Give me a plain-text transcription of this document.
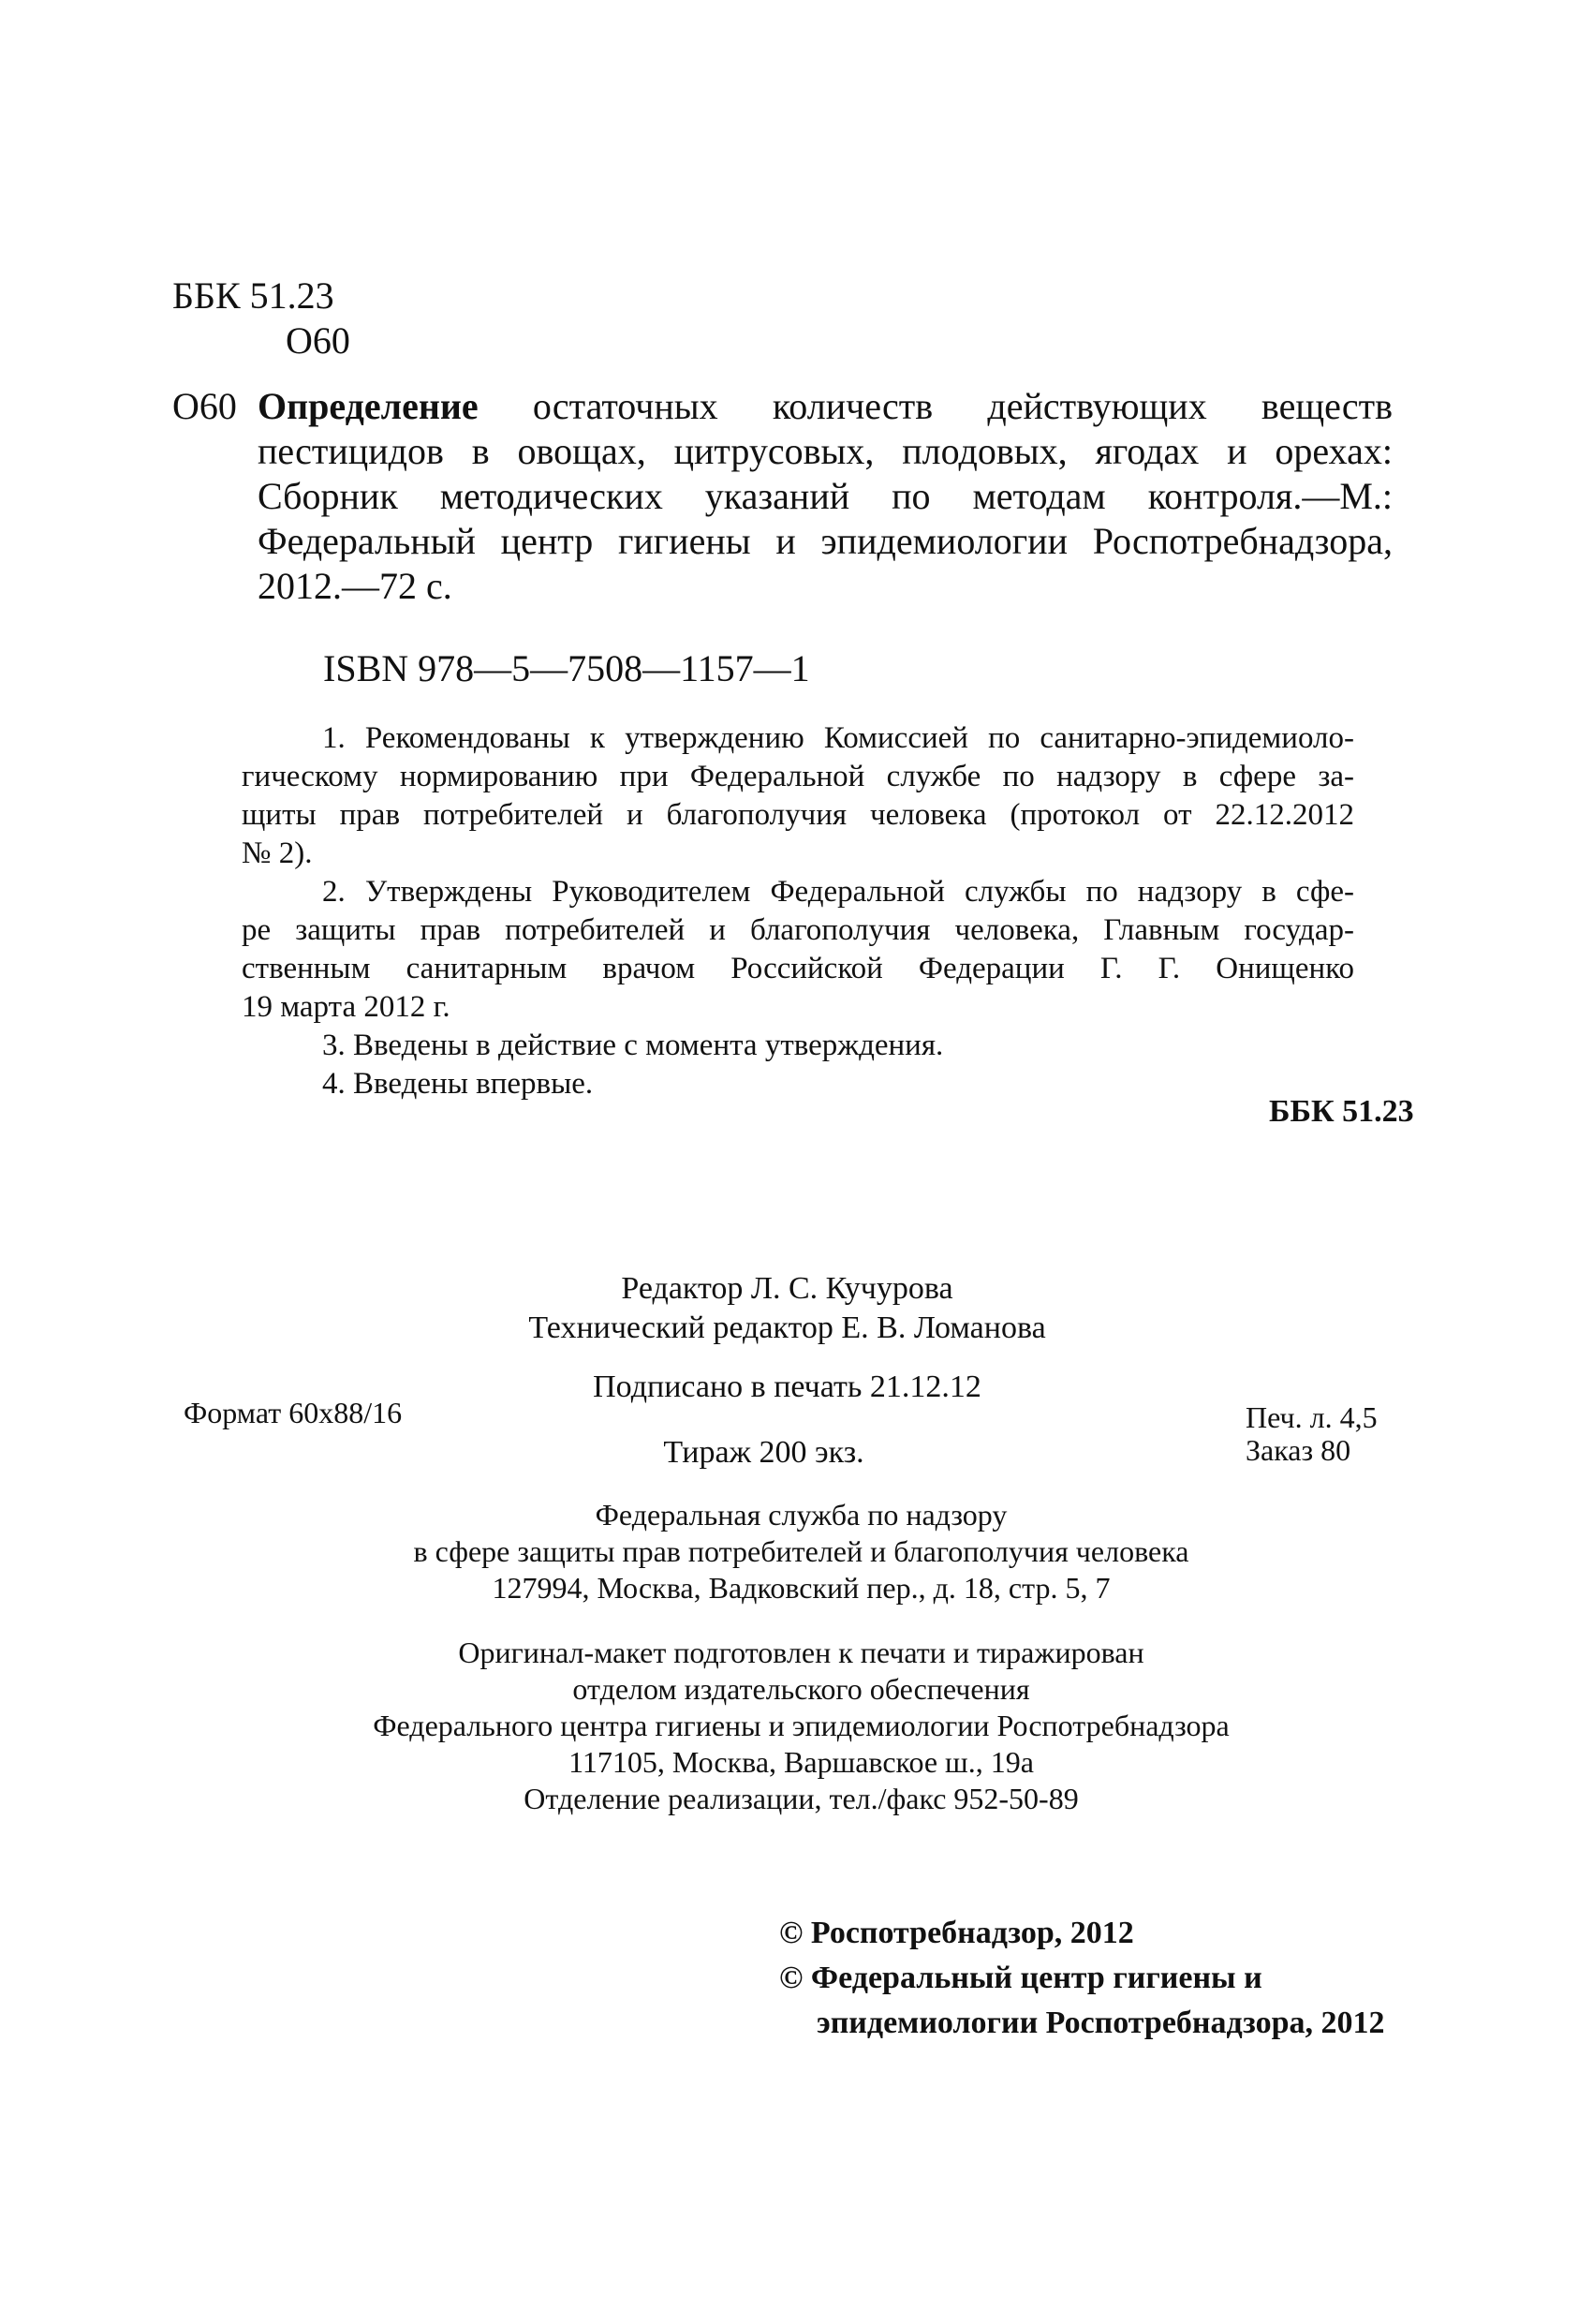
ББК 51.23
О60
О60 Определение остаточных количеств действующих веществ
пестицидов в овощах, цитрусовых, плодовых, ягодах и орехах:
Сборник методических указаний по методам контроля.—М.:
Федеральный центр гигиены и эпидемиологии Роспотребнадзора,
2012.—72 с.
ISBN 978—5—7508—1157—1
1. Рекомендованы к утверждению Комиссией по санитарно-эпидемиоло-
гическому нормированию при Федеральной службе по надзору в сфере за-
щиты прав потребителей и благополучия человека (протокол от 22.12.2012
№ 2).
2. Утверждены Руководителем Федеральной службы по надзору в сфе-
ре защиты прав потребителей и благополучия человека, Главным государ-
ственным санитарным врачом Российской Федерации Г. Г. Онищенко
19 марта 2012 г.
3. Введены в действие с момента утверждения.
4. Введены впервые.
ББК 51.23
Редактор Л. С. Кучурова
Технический редактор Е. В. Ломанова
Подписано в печать 21.12.12
Формат 60x88/16	Печ. л. 4,5
Тираж 200 экз.	Заказ 80
Федеральная служба по надзору
в сфере защиты прав потребителей и благополучия человека
127994, Москва, Вадковский пер., д. 18, стр. 5, 7
Оригинал-макет подготовлен к печати и тиражирован
отделом издательского обеспечения
Федерального центра гигиены и эпидемиологии Роспотребнадзора
117105, Москва, Варшавское ш., 19а
Отделение реализации, тел./факс 952-50-89
© Роспотребнадзор, 2012
© Федеральный центр гигиены и
эпидемиологии Роспотребнадзора, 2012
